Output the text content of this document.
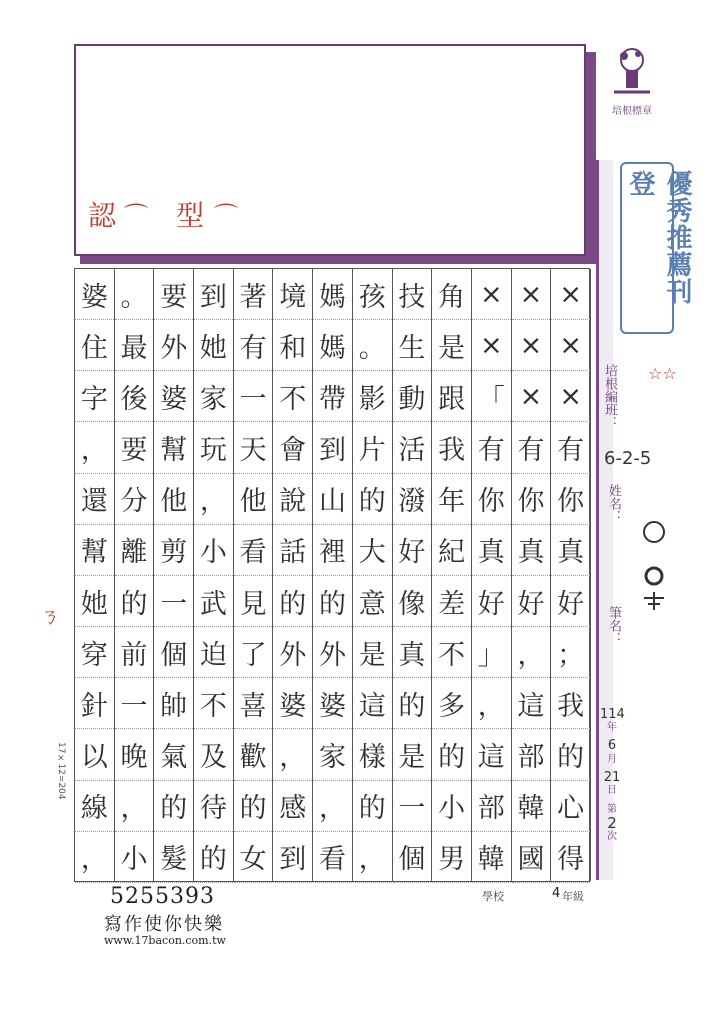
認 ⌒ 型 ⌒
培根標章
優秀推薦刊登
☆☆
培根編班：
6-2-5
姓名：
筆名：
114
年
6
月
21
日
第
2
次
17×12=204
ㄋ
×
×
×
有
你
真
好
；
我
的
心
得
×
×
×
有
你
真
好
，
這
部
韓
國
×
×
「
有
你
真
好
」
，
這
部
韓
角
是
跟
我
年
紀
差
不
多
的
小
男
技
生
動
活
潑
好
像
真
的
是
一
個
孩
。
影
片
的
大
意
是
這
樣
的
，
媽
媽
帶
到
山
裡
的
外
婆
家
，
看
境
和
不
會
說
話
的
外
婆
，
感
到
著
有
一
天
他
看
見
了
喜
歡
的
女
到
她
家
玩
，
小
武
迫
不
及
待
的
要
外
婆
幫
他
剪
一
個
帥
氣
的
髮
。
最
後
要
分
離
的
前
一
晚
，
小
婆
住
字
，
還
幫
她
穿
針
以
線
，
5255393
寫作使你快樂
www.17bacon.com.tw
學校	4 年級
